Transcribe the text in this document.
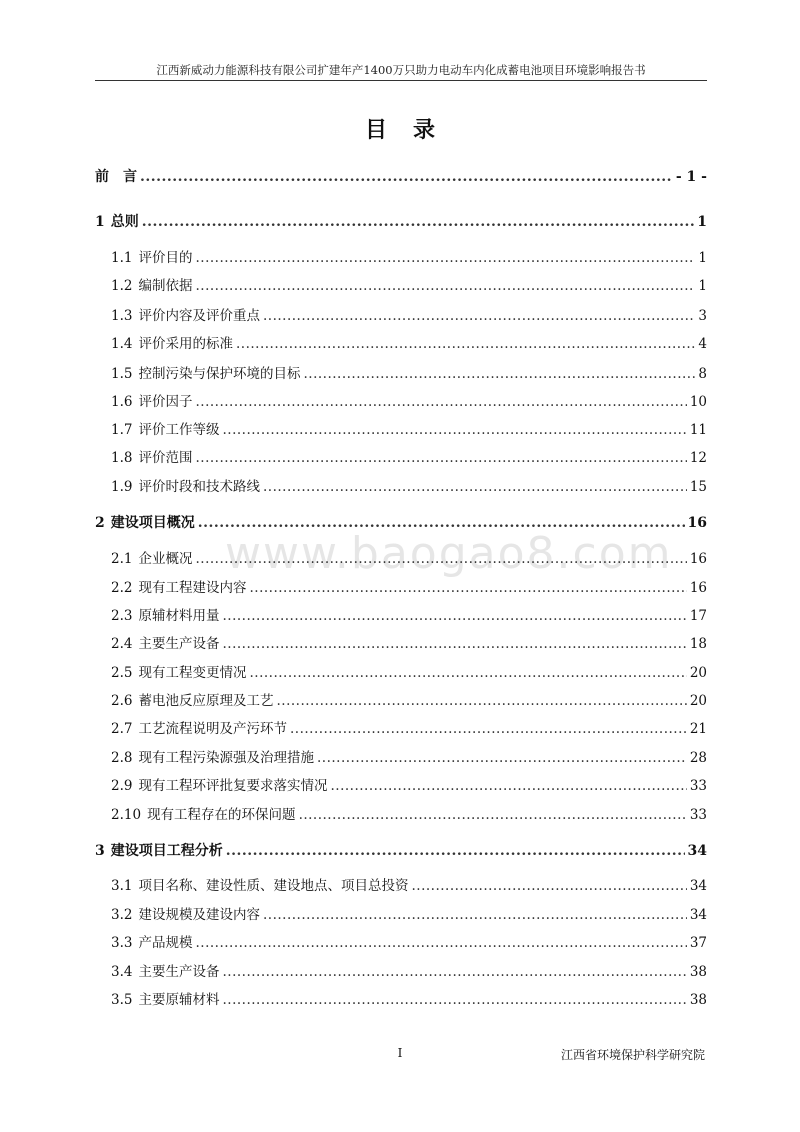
江西新威动力能源科技有限公司扩建年产1400万只助力电动车内化成蓄电池项目环境影响报告书
目录
www.baogao8.com
前　言 .....	- 1 -
1 总则 .....	1
1.1 评价目的 .....	1
1.2 编制依据 .....	1
1.3 评价内容及评价重点 .....	3
1.4 评价采用的标准 .....	4
1.5 控制污染与保护环境的目标 .....	8
1.6 评价因子 .....	10
1.7 评价工作等级 .....	11
1.8 评价范围 .....	12
1.9 评价时段和技术路线 .....	15
2 建设项目概况 .....	16
2.1 企业概况 .....	16
2.2 现有工程建设内容 .....	16
2.3 原辅材料用量 .....	17
2.4 主要生产设备 .....	18
2.5 现有工程变更情况 .....	20
2.6 蓄电池反应原理及工艺 .....	20
2.7 工艺流程说明及产污环节 .....	21
2.8 现有工程污染源强及治理措施 .....	28
2.9 现有工程环评批复要求落实情况 .....	33
2.10 现有工程存在的环保问题 .....	33
3 建设项目工程分析 .....	34
3.1 项目名称、建设性质、建设地点、项目总投资 .....	34
3.2 建设规模及建设内容 .....	34
3.3 产品规模 .....	37
3.4 主要生产设备 .....	38
3.5 主要原辅材料 .....	38
I	江西省环境保护科学研究院
